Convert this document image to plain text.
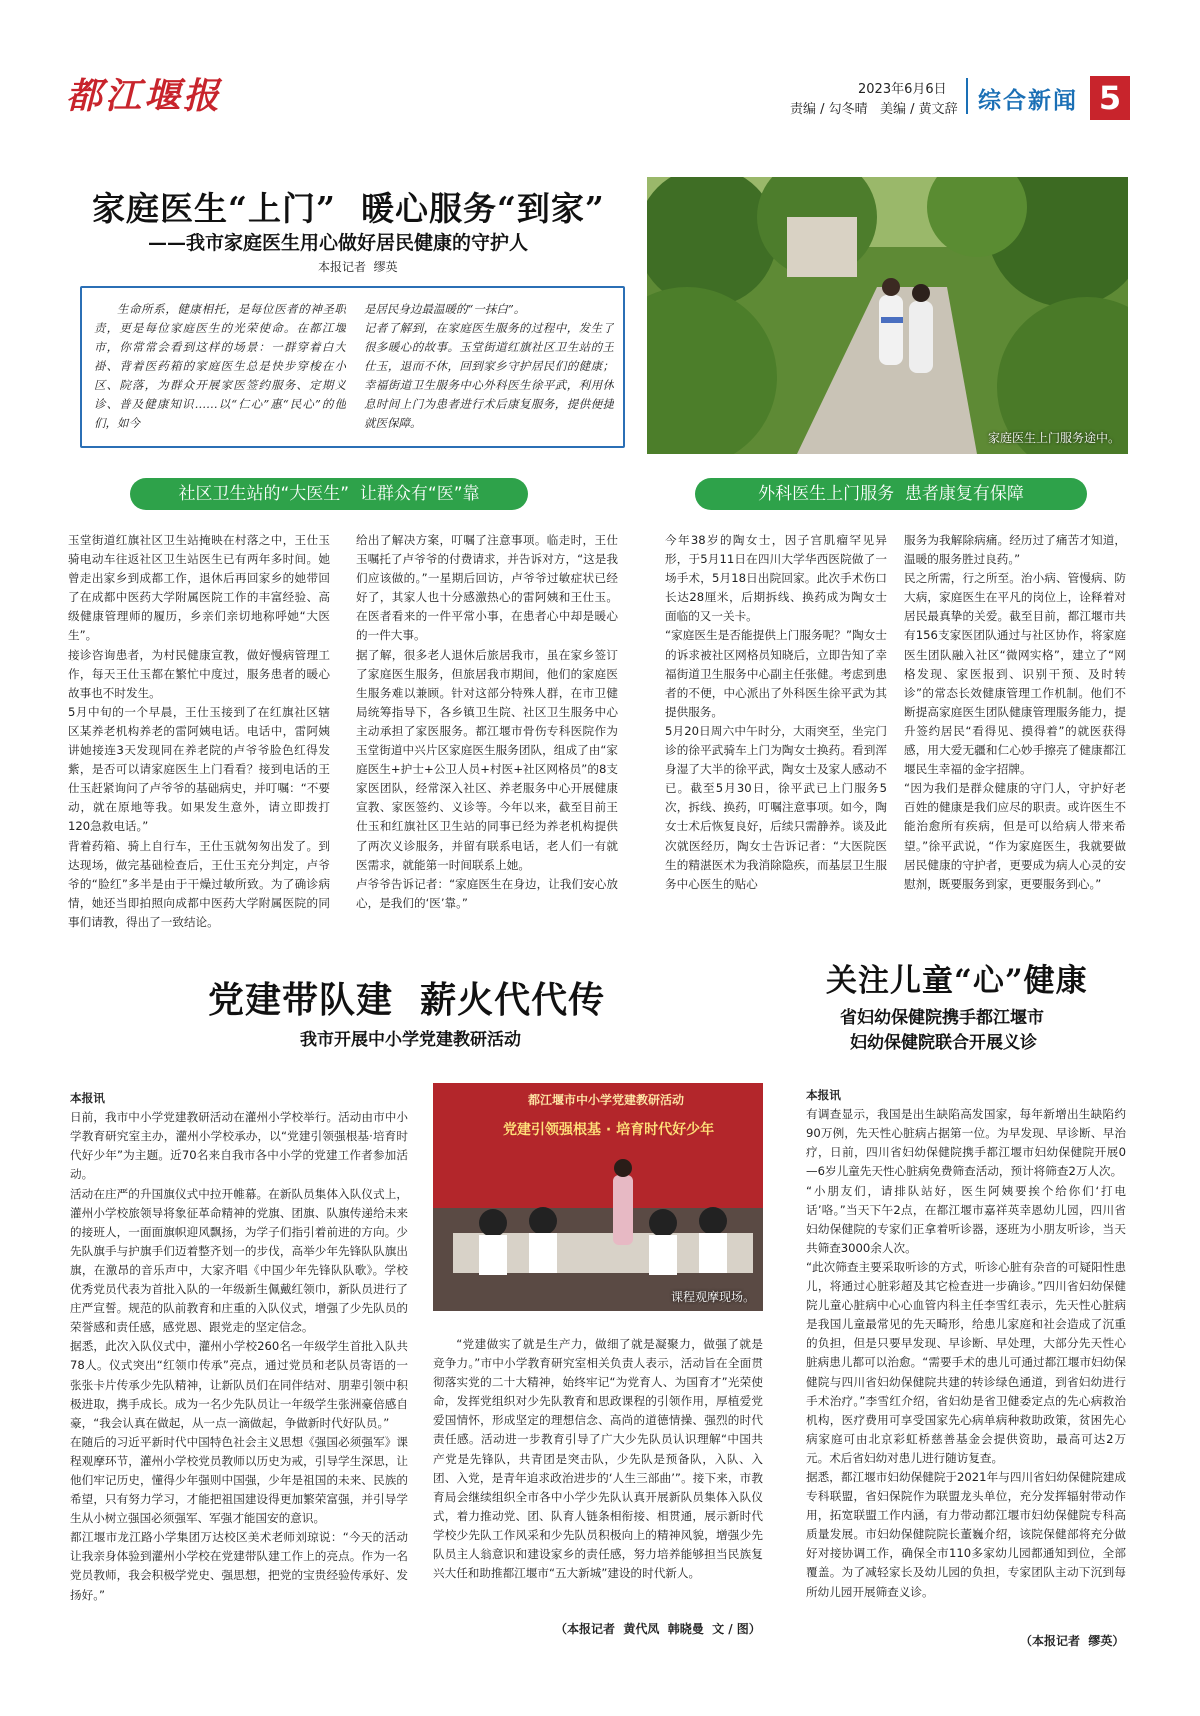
都江堰报	2023年6月6日
责编 / 勾冬晴   美编 / 黄文辞 综合新闻 5
家庭医生“上门”  暖心服务“到家”
——我市家庭医生用心做好居民健康的守护人
本报记者  缪英
生命所系，健康相托，是每位医者的神圣职责，更是每位家庭医生的光荣使命。在都江堰市，你常常会看到这样的场景：一群穿着白大褂、背着医药箱的家庭医生总是快步穿梭在小区、院落，为群众开展家医签约服务、定期义诊、普及健康知识……以“仁心”惠“民心”的他们，如今
是居民身边最温暖的“一抹白”。
记者了解到，在家庭医生服务的过程中，发生了很多暖心的故事。玉堂街道红旗社区卫生站的王仕玉，退而不休，回到家乡守护居民们的健康；幸福街道卫生服务中心外科医生徐平武，利用休息时间上门为患者进行术后康复服务，提供便捷就医保障。
家庭医生上门服务途中。
社区卫生站的“大医生”  让群众有“医”靠	外科医生上门服务  患者康复有保障
玉堂街道红旗社区卫生站掩映在村落之中，王仕玉骑电动车往返社区卫生站医生已有两年多时间。她曾走出家乡到成都工作，退休后再回家乡的她带回了在成都中医药大学附属医院工作的丰富经验、高级健康管理师的履历，乡亲们亲切地称呼她“大医生”。
接诊咨询患者，为村民健康宣教，做好慢病管理工作，每天王仕玉都在繁忙中度过，服务患者的暖心故事也不时发生。
5月中旬的一个早晨，王仕玉接到了在红旗社区辖区某养老机构养老的雷阿姨电话。电话中，雷阿姨讲她接连3天发现同在养老院的卢爷爷脸色红得发紫，是否可以请家庭医生上门看看？接到电话的王仕玉赶紧询问了卢爷爷的基础病史，并叮嘱：“不要动，就在原地等我。如果发生意外，请立即拨打120急救电话。”
背着药箱、骑上自行车，王仕玉就匆匆出发了。到达现场，做完基础检查后，王仕玉充分判定，卢爷爷的“脸红”多半是由于干燥过敏所致。为了确诊病情，她还当即拍照向成都中医药大学附属医院的同事们请教，得出了一致结论。
给出了解决方案，叮嘱了注意事项。临走时，王仕玉嘱托了卢爷爷的付费请求，并告诉对方，“这是我们应该做的。”一星期后回访，卢爷爷过敏症状已经好了，其家人也十分感激热心的雷阿姨和王仕玉。在医者看来的一件平常小事，在患者心中却是暖心的一件大事。
据了解，很多老人退休后旅居我市，虽在家乡签订了家庭医生服务，但旅居我市期间，他们的家庭医生服务难以兼顾。针对这部分特殊人群，在市卫健局统筹指导下，各乡镇卫生院、社区卫生服务中心主动承担了家医服务。都江堰市骨伤专科医院作为玉堂街道中兴片区家庭医生服务团队，组成了由“家庭医生+护士+公卫人员+村医+社区网格员”的8支家医团队，经常深入社区、养老服务中心开展健康宣教、家医签约、义诊等。今年以来，截至目前王仕玉和红旗社区卫生站的同事已经为养老机构提供了两次义诊服务，并留有联系电话，老人们一有就医需求，就能第一时间联系上她。
卢爷爷告诉记者：“家庭医生在身边，让我们安心放心，是我们的‘医’靠。”
今年38岁的陶女士，因子宫肌瘤罕见异形，于5月11日在四川大学华西医院做了一场手术，5月18日出院回家。此次手术伤口长达28厘米，后期拆线、换药成为陶女士面临的又一关卡。
“家庭医生是否能提供上门服务呢？”陶女士的诉求被社区网格员知晓后，立即告知了幸福街道卫生服务中心副主任张健。考虑到患者的不便，中心派出了外科医生徐平武为其提供服务。
5月20日周六中午时分，大雨突至，坐完门诊的徐平武骑车上门为陶女士换药。看到浑身湿了大半的徐平武，陶女士及家人感动不已。截至5月30日，徐平武已上门服务5次，拆线、换药，叮嘱注意事项。如今，陶女士术后恢复良好，后续只需静养。谈及此次就医经历，陶女士告诉记者：“大医院医生的精湛医术为我消除隐疾，而基层卫生服务中心医生的贴心
服务为我解除病痛。经历过了痛苦才知道，温暖的服务胜过良药。”
民之所需，行之所至。治小病、管慢病、防大病，家庭医生在平凡的岗位上，诠释着对居民最真挚的关爱。截至目前，都江堰市共有156支家医团队通过与社区协作，将家庭医生团队融入社区“微网实格”，建立了“网格发现、家医报到、识别干预、及时转诊”的常态长效健康管理工作机制。他们不断提高家庭医生团队健康管理服务能力，提升签约居民“看得见、摸得着”的就医获得感，用大爱无疆和仁心妙手擦亮了健康都江堰民生幸福的金字招牌。
“因为我们是群众健康的守门人，守护好老百姓的健康是我们应尽的职责。或许医生不能治愈所有疾病，但是可以给病人带来希望。”徐平武说，“作为家庭医生，我就要做居民健康的守护者，更要成为病人心灵的安慰剂，既要服务到家，更要服务到心。”
党建带队建  薪火代代传
我市开展中小学党建教研活动

本报讯
日前，我市中小学党建教研活动在灌州小学校举行。活动由市中小学教育研究室主办，灌州小学校承办，以“党建引领强根基·培育时代好少年”为主题。近70名来自我市各中小学的党建工作者参加活动。
活动在庄严的升国旗仪式中拉开帷幕。在新队员集体入队仪式上，灌州小学校旅领导将象征革命精神的党旗、团旗、队旗传递给未来的接班人，一面面旗帜迎风飘扬，为学子们指引着前进的方向。少先队旗手与护旗手们迈着整齐划一的步伐，高举少年先锋队队旗出旗，在激昂的音乐声中，大家齐唱《中国少年先锋队队歌》。学校优秀党员代表为首批入队的一年级新生佩戴红领巾，新队员进行了庄严宣誓。规范的队前教育和庄重的入队仪式，增强了少先队员的荣誉感和责任感，感党恩、跟党走的坚定信念。
据悉，此次入队仪式中，灌州小学校260名一年级学生首批入队共78人。仪式突出“红领巾传承”亮点，通过党员和老队员寄语的一张张卡片传承少先队精神，让新队员们在同伴结对、朋辈引领中积极进取，携手成长。成为一名少先队员让一年级学生张洲豪倍感自豪，“我会认真在做起，从一点一滴做起，争做新时代好队员。”
在随后的习近平新时代中国特色社会主义思想《强国必须强军》课程观摩环节，灌州小学校党员教师以历史为戒，引导学生深思，让他们牢记历史，懂得少年强则中国强，少年是祖国的未来、民族的希望，只有努力学习，才能把祖国建设得更加繁荣富强，并引导学生从小树立强国必须强军、军强才能国安的意识。
都江堰市龙江路小学集团万达校区美术老师刘琼说：“今天的活动让我亲身体验到灌州小学校在党建带队建工作上的亮点。作为一名党员教师，我会积极学党史、强思想，把党的宝贵经验传承好、发扬好。”

都江堰市中小学党建教研活动
党建引领强根基 · 培育时代好少年
课程观摩现场。
“党建做实了就是生产力，做细了就是凝聚力，做强了就是竞争力。”市中小学教育研究室相关负责人表示，活动旨在全面贯彻落实党的二十大精神，始终牢记“为党育人、为国育才”光荣使命，发挥党组织对少先队教育和思政课程的引领作用，厚植爱党爱国情怀，形成坚定的理想信念、高尚的道德情操、强烈的时代责任感。活动进一步教育引导了广大少先队员认识理解“中国共产党是先锋队，共青团是突击队，少先队是预备队，入队、入团、入党，是青年追求政治进步的‘人生三部曲’”。接下来，市教育局会继续组织全市各中小学少先队认真开展新队员集体入队仪式，着力推动党、团、队育人链条相衔接、相贯通，展示新时代学校少先队工作风采和少先队员积极向上的精神风貌，增强少先队员主人翁意识和建设家乡的责任感，努力培养能够担当民族复兴大任和助推都江堰市“五大新城”建设的时代新人。
（本报记者  黄代凤  韩晓曼  文 / 图）
关注儿童“心”健康
省妇幼保健院携手都江堰市
妇幼保健院联合开展义诊

本报讯
有调查显示，我国是出生缺陷高发国家，每年新增出生缺陷约90万例，先天性心脏病占据第一位。为早发现、早诊断、早治疗，日前，四川省妇幼保健院携手都江堰市妇幼保健院开展0—6岁儿童先天性心脏病免费筛查活动，预计将筛查2万人次。
“小朋友们，请排队站好，医生阿姨要挨个给你们‘打电话’咯。”当天下午2点，在都江堰市嘉祥英幸恩幼儿园，四川省妇幼保健院的专家们正拿着听诊器，逐班为小朋友听诊，当天共筛查3000余人次。
“此次筛查主要采取听诊的方式，听诊心脏有杂音的可疑阳性患儿，将通过心脏彩超及其它检查进一步确诊。”四川省妇幼保健院儿童心脏病中心心血管内科主任李雪红表示，先天性心脏病是我国儿童最常见的先天畸形，给患儿家庭和社会造成了沉重的负担，但是只要早发现、早诊断、早处理，大部分先天性心脏病患儿都可以治愈。“需要手术的患儿可通过都江堰市妇幼保健院与四川省妇幼保健院共建的转诊绿色通道，到省妇幼进行手术治疗。”李雪红介绍，省妇幼是省卫健委定点的先心病救治机构，医疗费用可享受国家先心病单病种救助政策，贫困先心病家庭可由北京彩虹桥慈善基金会提供资助，最高可达2万元。术后省妇幼对患儿进行随访复查。
据悉，都江堰市妇幼保健院于2021年与四川省妇幼保健院建成专科联盟，省妇保院作为联盟龙头单位，充分发挥辐射带动作用，拓宽联盟工作内涵，有力带动都江堰市妇幼保健院专科高质量发展。市妇幼保健院院长董巍介绍，该院保健部将充分做好对接协调工作，确保全市110多家幼儿园都通知到位，全部覆盖。为了减轻家长及幼儿园的负担，专家团队主动下沉到每所幼儿园开展筛查义诊。

（本报记者  缪英）
